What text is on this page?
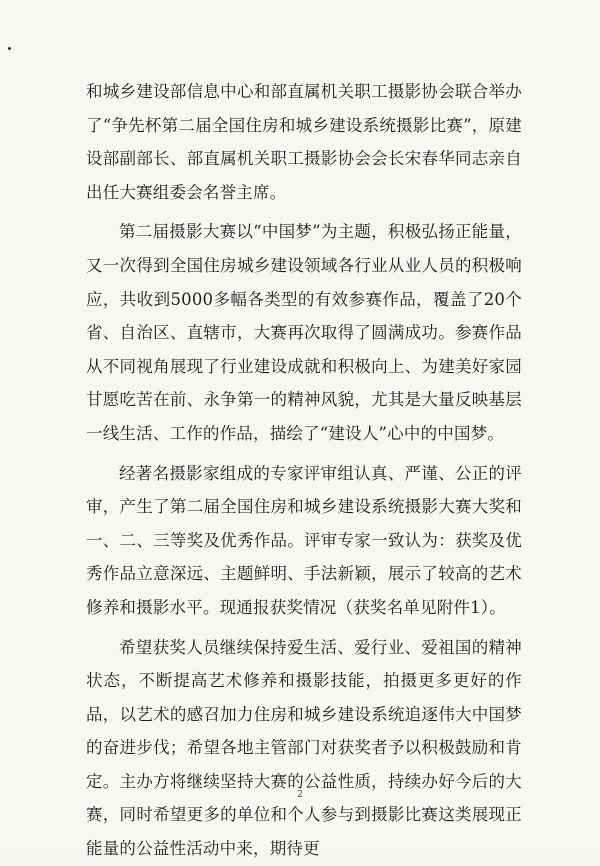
和城乡建设部信息中心和部直属机关职工摄影协会联合举办了“争先杯第二届全国住房和城乡建设系统摄影比赛”，原建设部副部长、部直属机关职工摄影协会会长宋春华同志亲自出任大赛组委会名誉主席。

第二届摄影大赛以“中国梦”为主题，积极弘扬正能量，又一次得到全国住房城乡建设领域各行业从业人员的积极响应，共收到5000多幅各类型的有效参赛作品，覆盖了20个省、自治区、直辖市，大赛再次取得了圆满成功。参赛作品从不同视角展现了行业建设成就和积极向上、为建美好家园甘愿吃苦在前、永争第一的精神风貌，尤其是大量反映基层一线生活、工作的作品，描绘了“建设人”心中的中国梦。

经著名摄影家组成的专家评审组认真、严谨、公正的评审，产生了第二届全国住房和城乡建设系统摄影大赛大奖和一、二、三等奖及优秀作品。评审专家一致认为：获奖及优秀作品立意深远、主题鲜明、手法新颖，展示了较高的艺术修养和摄影水平。现通报获奖情况（获奖名单见附件1）。

希望获奖人员继续保持爱生活、爱行业、爱祖国的精神状态，不断提高艺术修养和摄影技能，拍摄更多更好的作品，以艺术的感召加力住房和城乡建设系统追逐伟大中国梦的奋进步伐；希望各地主管部门对获奖者予以积极鼓励和肯定。主办方将继续坚持大赛的公益性质，持续办好今后的大赛，同时希望更多的单位和个人参与到摄影比赛这类展现正能量的公益性活动中来，期待更

2
